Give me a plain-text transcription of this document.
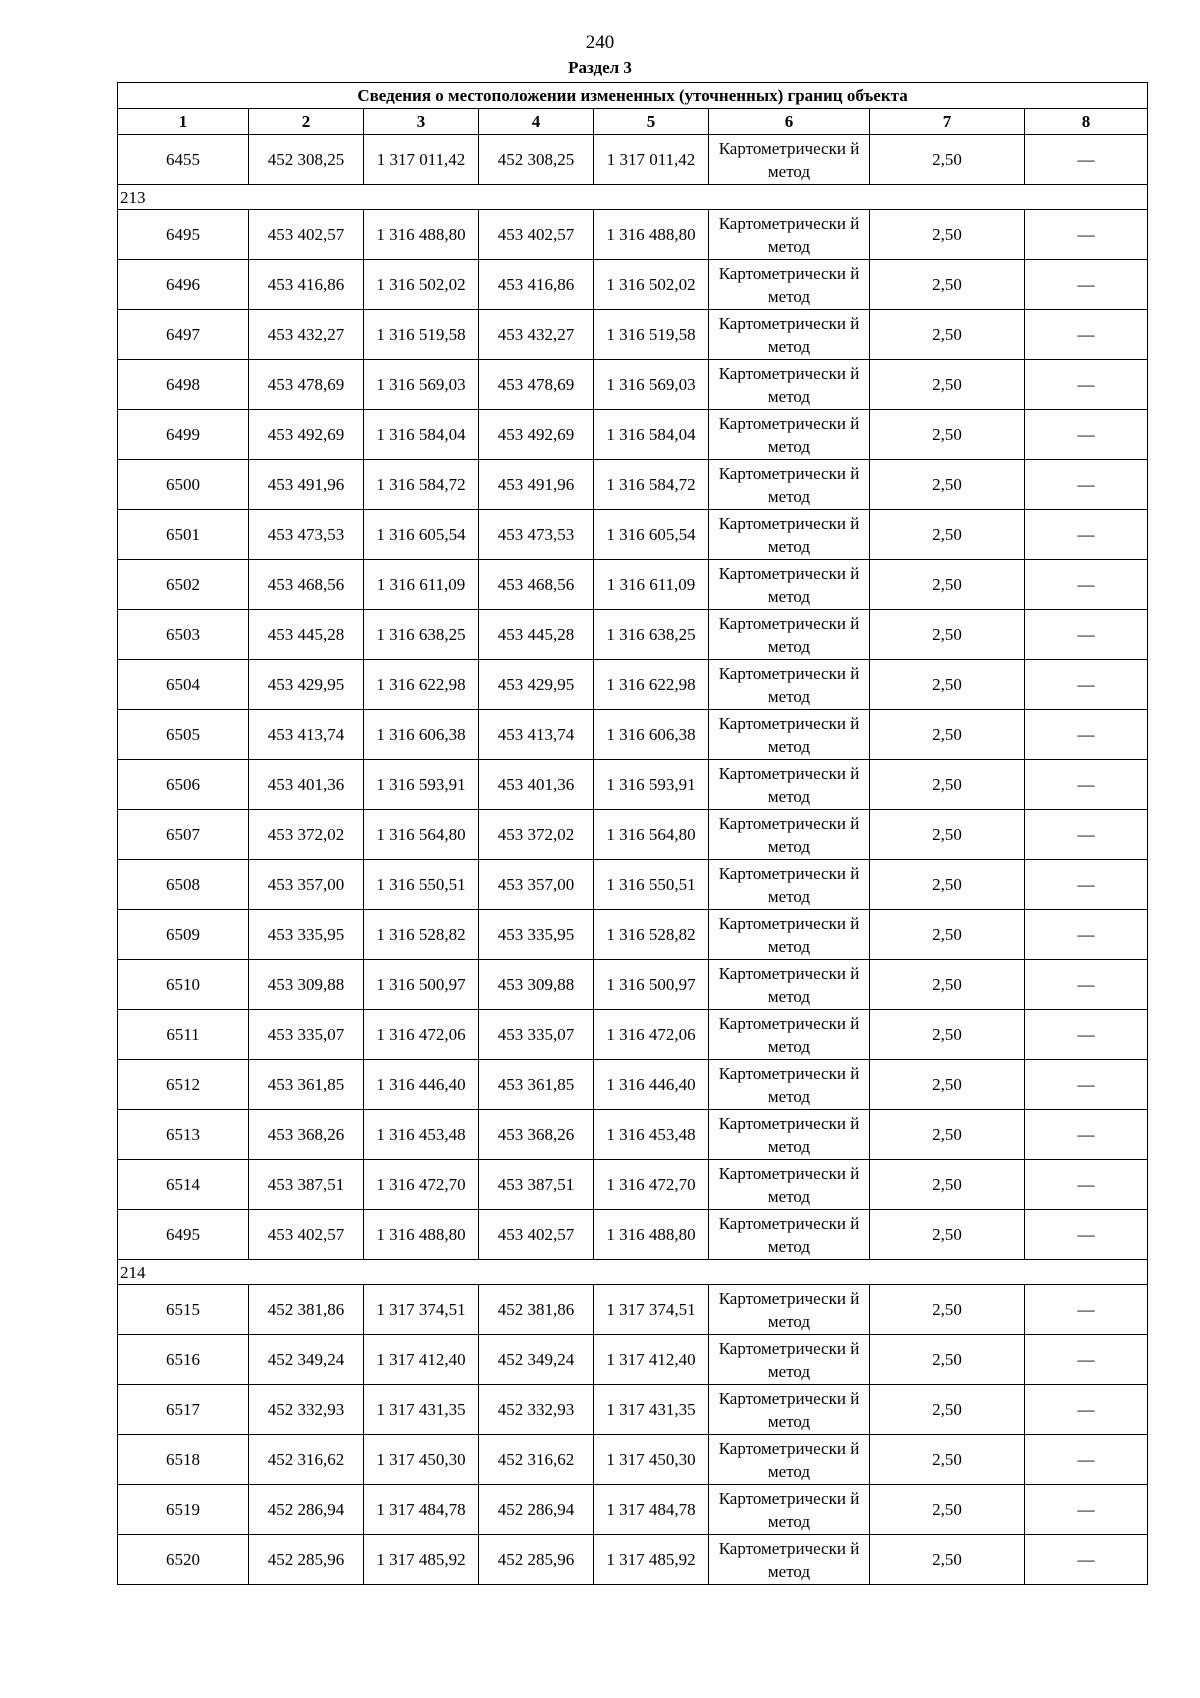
240
Раздел 3
Сведения о местоположении измененных (уточненных) границ объекта							
1	2	3	4	5	6	7	8
6455	452 308,25	1 317 011,42	452 308,25	1 317 011,42	Картометрически й метод	2,50	—
213							
6495	453 402,57	1 316 488,80	453 402,57	1 316 488,80	Картометрически й метод	2,50	—
6496	453 416,86	1 316 502,02	453 416,86	1 316 502,02	Картометрически й метод	2,50	—
6497	453 432,27	1 316 519,58	453 432,27	1 316 519,58	Картометрически й метод	2,50	—
6498	453 478,69	1 316 569,03	453 478,69	1 316 569,03	Картометрически й метод	2,50	—
6499	453 492,69	1 316 584,04	453 492,69	1 316 584,04	Картометрически й метод	2,50	—
6500	453 491,96	1 316 584,72	453 491,96	1 316 584,72	Картометрически й метод	2,50	—
6501	453 473,53	1 316 605,54	453 473,53	1 316 605,54	Картометрически й метод	2,50	—
6502	453 468,56	1 316 611,09	453 468,56	1 316 611,09	Картометрически й метод	2,50	—
6503	453 445,28	1 316 638,25	453 445,28	1 316 638,25	Картометрически й метод	2,50	—
6504	453 429,95	1 316 622,98	453 429,95	1 316 622,98	Картометрически й метод	2,50	—
6505	453 413,74	1 316 606,38	453 413,74	1 316 606,38	Картометрически й метод	2,50	—
6506	453 401,36	1 316 593,91	453 401,36	1 316 593,91	Картометрически й метод	2,50	—
6507	453 372,02	1 316 564,80	453 372,02	1 316 564,80	Картометрически й метод	2,50	—
6508	453 357,00	1 316 550,51	453 357,00	1 316 550,51	Картометрически й метод	2,50	—
6509	453 335,95	1 316 528,82	453 335,95	1 316 528,82	Картометрически й метод	2,50	—
6510	453 309,88	1 316 500,97	453 309,88	1 316 500,97	Картометрически й метод	2,50	—
6511	453 335,07	1 316 472,06	453 335,07	1 316 472,06	Картометрически й метод	2,50	—
6512	453 361,85	1 316 446,40	453 361,85	1 316 446,40	Картометрически й метод	2,50	—
6513	453 368,26	1 316 453,48	453 368,26	1 316 453,48	Картометрически й метод	2,50	—
6514	453 387,51	1 316 472,70	453 387,51	1 316 472,70	Картометрически й метод	2,50	—
6495	453 402,57	1 316 488,80	453 402,57	1 316 488,80	Картометрически й метод	2,50	—
214							
6515	452 381,86	1 317 374,51	452 381,86	1 317 374,51	Картометрически й метод	2,50	—
6516	452 349,24	1 317 412,40	452 349,24	1 317 412,40	Картометрически й метод	2,50	—
6517	452 332,93	1 317 431,35	452 332,93	1 317 431,35	Картометрически й метод	2,50	—
6518	452 316,62	1 317 450,30	452 316,62	1 317 450,30	Картометрически й метод	2,50	—
6519	452 286,94	1 317 484,78	452 286,94	1 317 484,78	Картометрически й метод	2,50	—
6520	452 285,96	1 317 485,92	452 285,96	1 317 485,92	Картометрически й метод	2,50	—
